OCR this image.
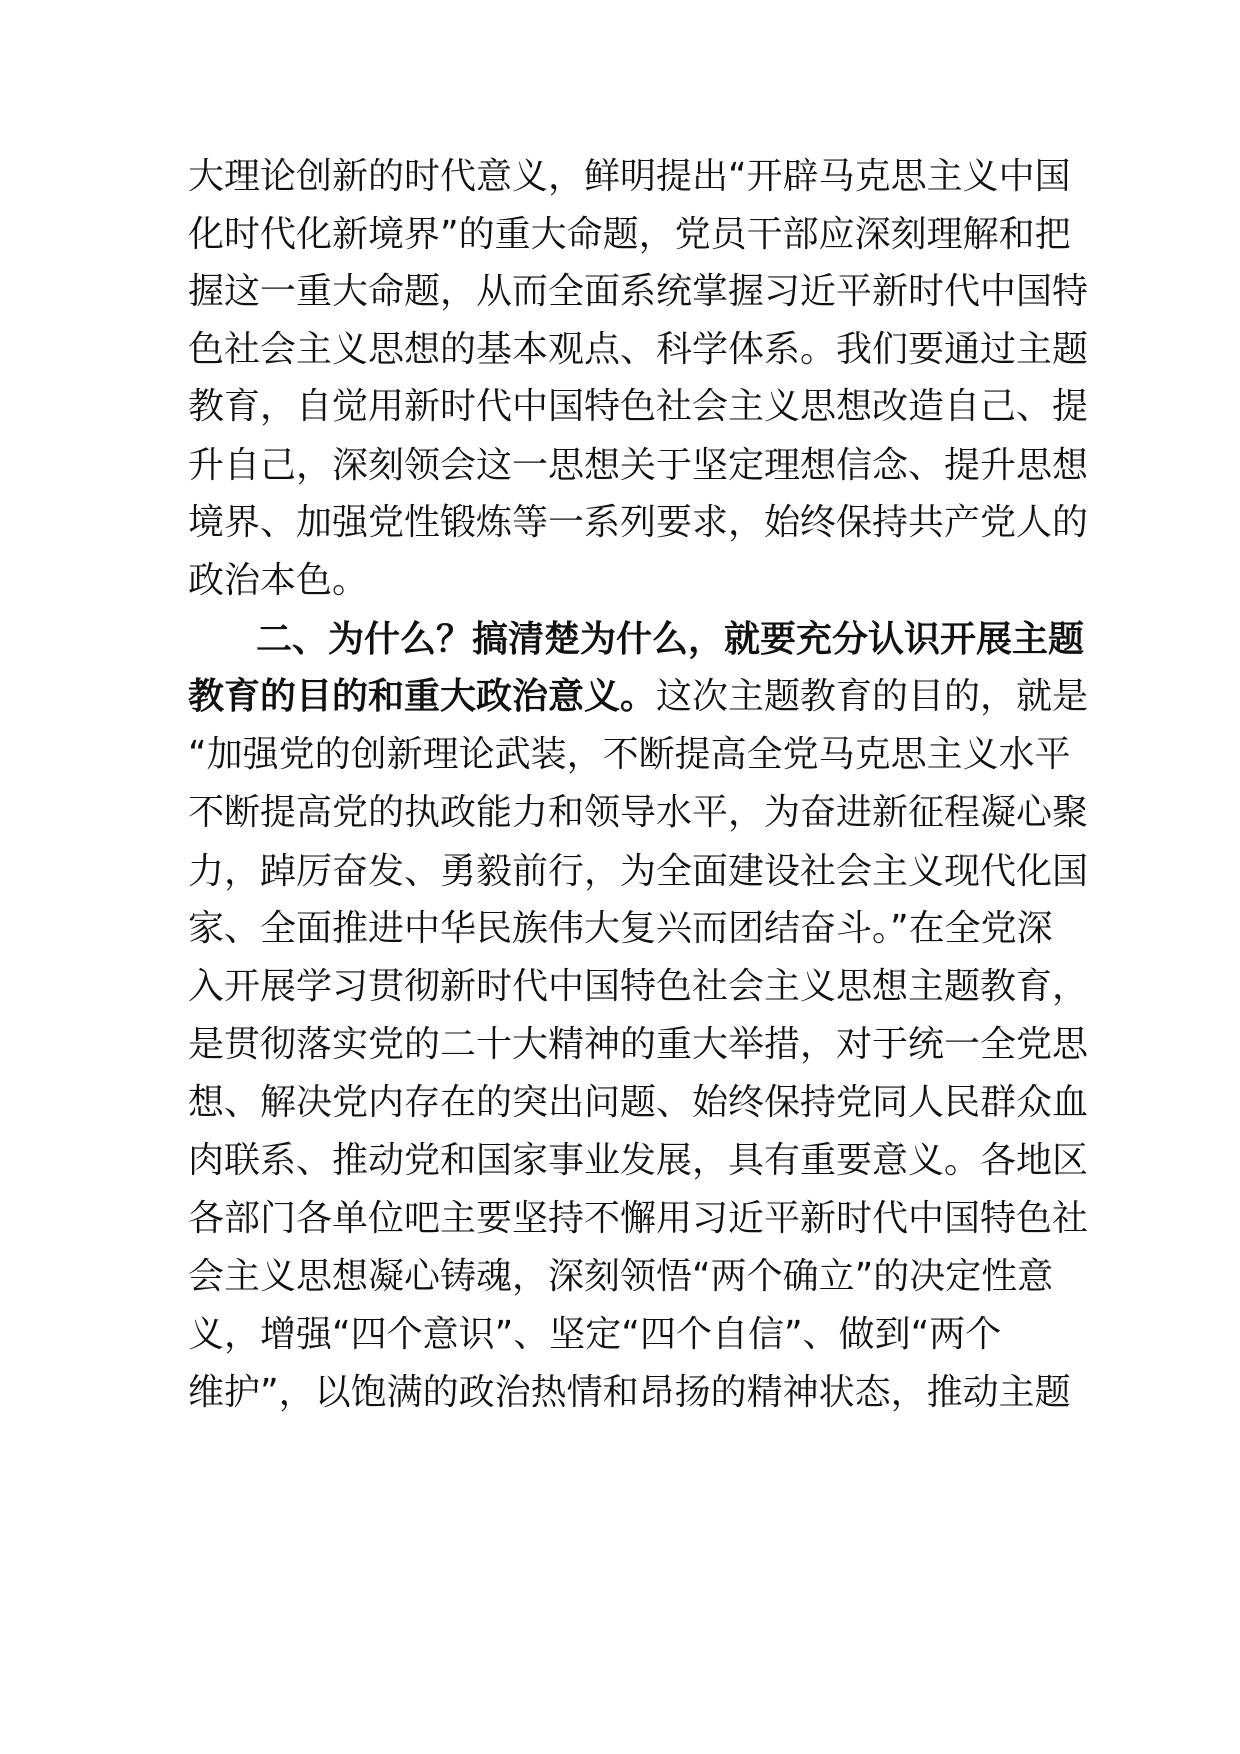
大理论创新的时代意义，鲜明提出“开辟马克思主义中国
化时代化新境界”的重大命题，党员干部应深刻理解和把
握这一重大命题，从而全面系统掌握习近平新时代中国特
色社会主义思想的基本观点、科学体系。我们要通过主题
教育，自觉用新时代中国特色社会主义思想改造自己、提
升自己，深刻领会这一思想关于坚定理想信念、提升思想
境界、加强党性锻炼等一系列要求，始终保持共产党人的
政治本色。
二、为什么？搞清楚为什么，就要充分认识开展主题
教育的目的和重大政治意义。这次主题教育的目的，就是
“加强党的创新理论武装，不断提高全党马克思主义水平
不断提高党的执政能力和领导水平，为奋进新征程凝心聚
力，踔厉奋发、勇毅前行，为全面建设社会主义现代化国
家、全面推进中华民族伟大复兴而团结奋斗。”在全党深
入开展学习贯彻新时代中国特色社会主义思想主题教育，
是贯彻落实党的二十大精神的重大举措，对于统一全党思
想、解决党内存在的突出问题、始终保持党同人民群众血
肉联系、推动党和国家事业发展，具有重要意义。各地区
各部门各单位吧主要坚持不懈用习近平新时代中国特色社
会主义思想凝心铸魂，深刻领悟“两个确立”的决定性意
义，增强“四个意识”、坚定“四个自信”、做到“两个
维护”，以饱满的政治热情和昂扬的精神状态，推动主题
